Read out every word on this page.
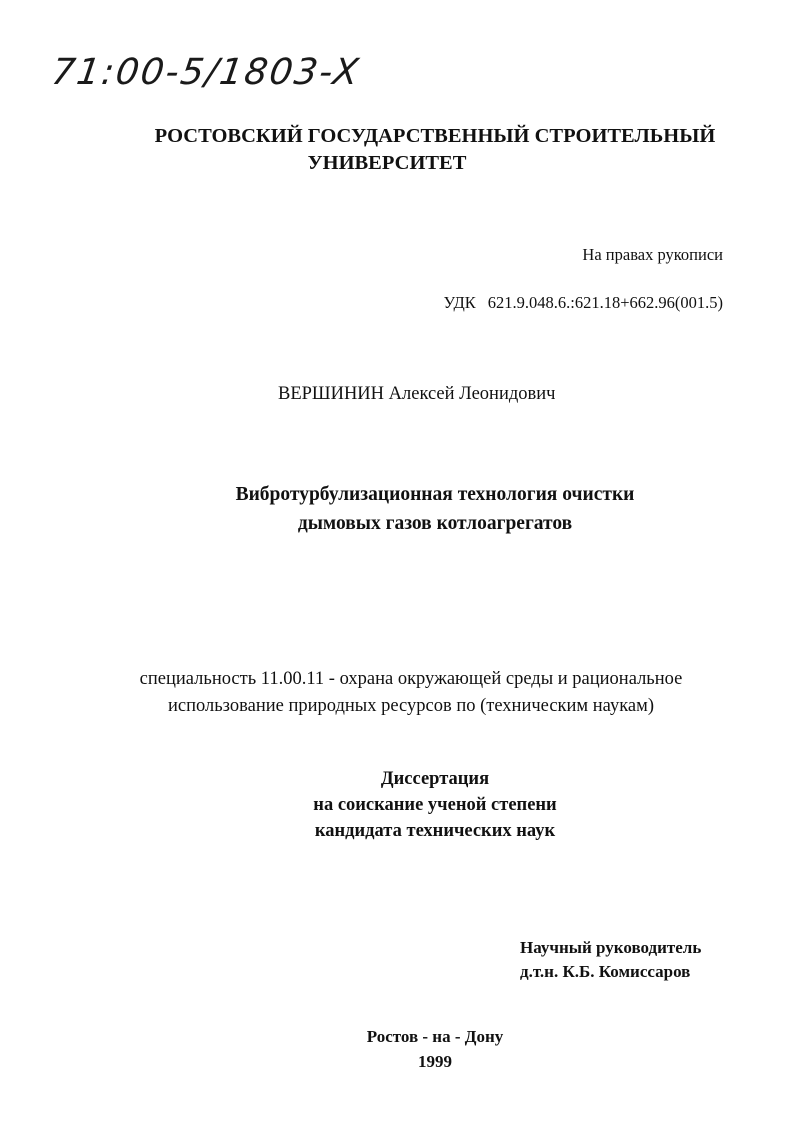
71:00-5/1803-X
РОСТОВСКИЙ ГОСУДАРСТВЕННЫЙ СТРОИТЕЛЬНЫЙ
УНИВЕРСИТЕТ
На правах рукописи
УДК 621.9.048.6.:621.18+662.96(001.5)
ВЕРШИНИН Алексей Леонидович
Вибротурбулизационная технология очистки
дымовых газов котлоагрегатов
специальность 11.00.11 - охрана окружающей среды и рациональное
использование природных ресурсов по (техническим наукам)
Диссертация
на соискание ученой степени
кандидата технических наук
Научный руководитель
д.т.н. К.Б. Комиссаров
Ростов - на - Дону
1999
